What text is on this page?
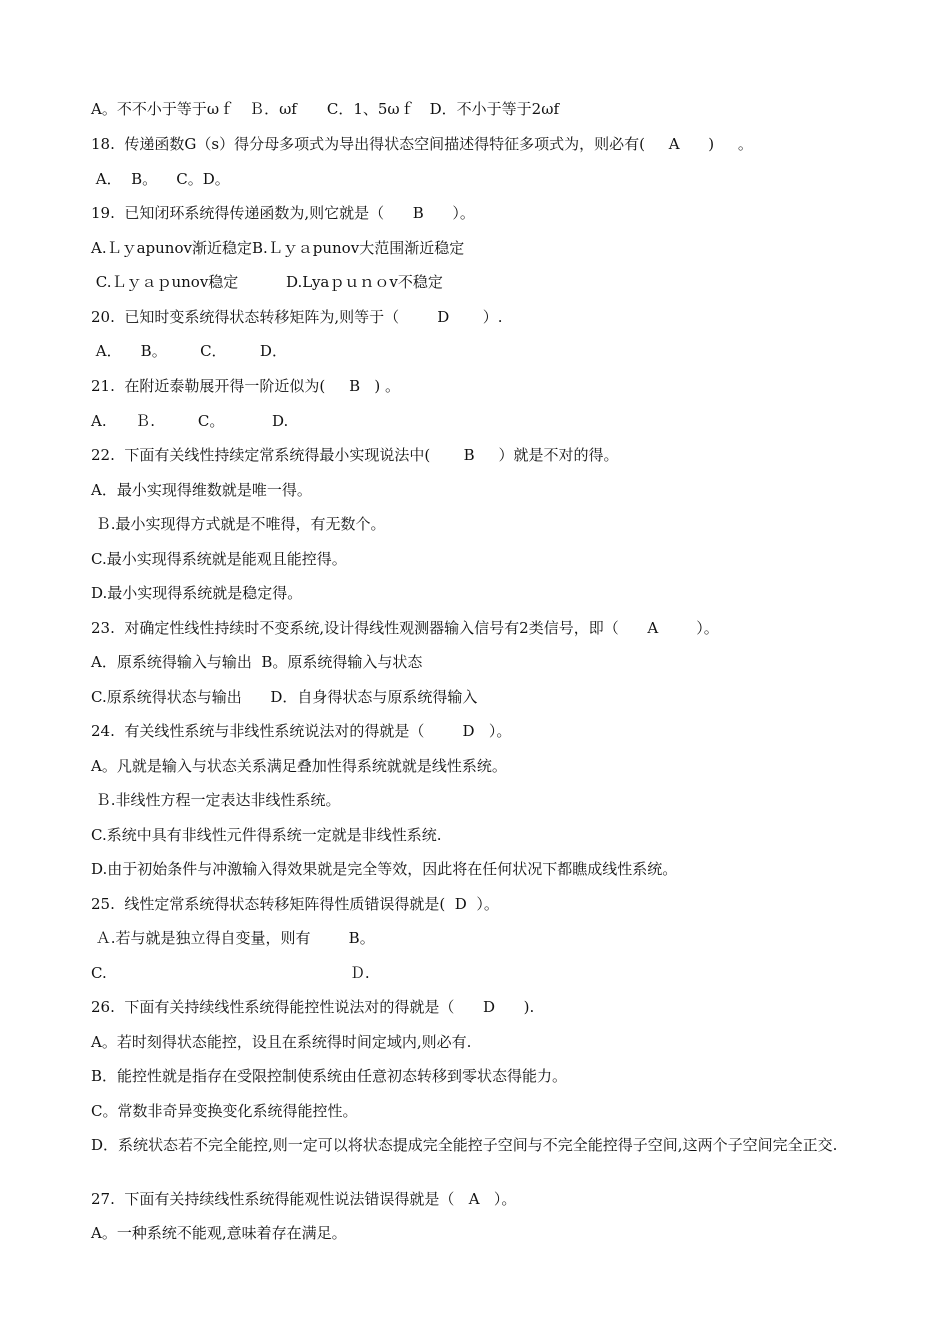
A。不不小于等于ωｆ　Ｂ．ωf　　C．1、5ωｆ　D．不小于等于2ωf
18.  传递函数G（s）得分母多项式为导出得状态空间描述得特征多项式为，则必有(     A      )     。
A．  B。    C。D。
19.  已知闭环系统得传递函数为,则它就是（      B      ）。
A.Ｌｙapunov渐近稳定B.Ｌｙａpunov大范围渐近稳定
C.Ｌｙａｐunov稳定          D.Lyaｐｕｎｏv不稳定
20.  已知时变系统得状态转移矩阵为,则等于（        D       ）.
A．    B。       C．       D．
21.  在附近泰勒展开得一阶近似为(     B   ) 。
A.      Ｂ.         C。          D.
22.  下面有关线性持续定常系统得最小实现说法中(       B     ）就是不对的得。
A．最小实现得维数就是唯一得。
Ｂ.最小实现得方式就是不唯得，有无数个。
C.最小实现得系统就是能观且能控得。
D.最小实现得系统就是稳定得。
23.  对确定性线性持续时不变系统,设计得线性观测器输入信号有2类信号，即（      A        ）。
A．原系统得输入与输出  B。原系统得输入与状态
C.原系统得状态与输出      D．自身得状态与原系统得输入
24.  有关线性系统与非线性系统说法对的得就是（        D   ）。
A。凡就是输入与状态关系满足叠加性得系统就就是线性系统。
Ｂ.非线性方程一定表达非线性系统。
C.系统中具有非线性元件得系统一定就是非线性系统.
D.由于初始条件与冲激输入得效果就是完全等效，因此将在任何状况下都瞧成线性系统。
25.  线性定常系统得状态转移矩阵得性质错误得就是(  D  ）。
Ａ.若与就是独立得自变量，则有        B。
C.                                                   Ｄ.
26.  下面有关持续线性系统得能控性说法对的得就是（      D      ).
A。若时刻得状态能控，设且在系统得时间定域内,则必有.
B．能控性就是指存在受限控制使系统由任意初态转移到零状态得能力。
C。常数非奇异变换变化系统得能控性。
D．系统状态若不完全能控,则一定可以将状态提成完全能控子空间与不完全能控得子空间,这两个子空间完全正交.
27.  下面有关持续线性系统得能观性说法错误得就是（   A   ）。
A。一种系统不能观,意味着存在满足。
